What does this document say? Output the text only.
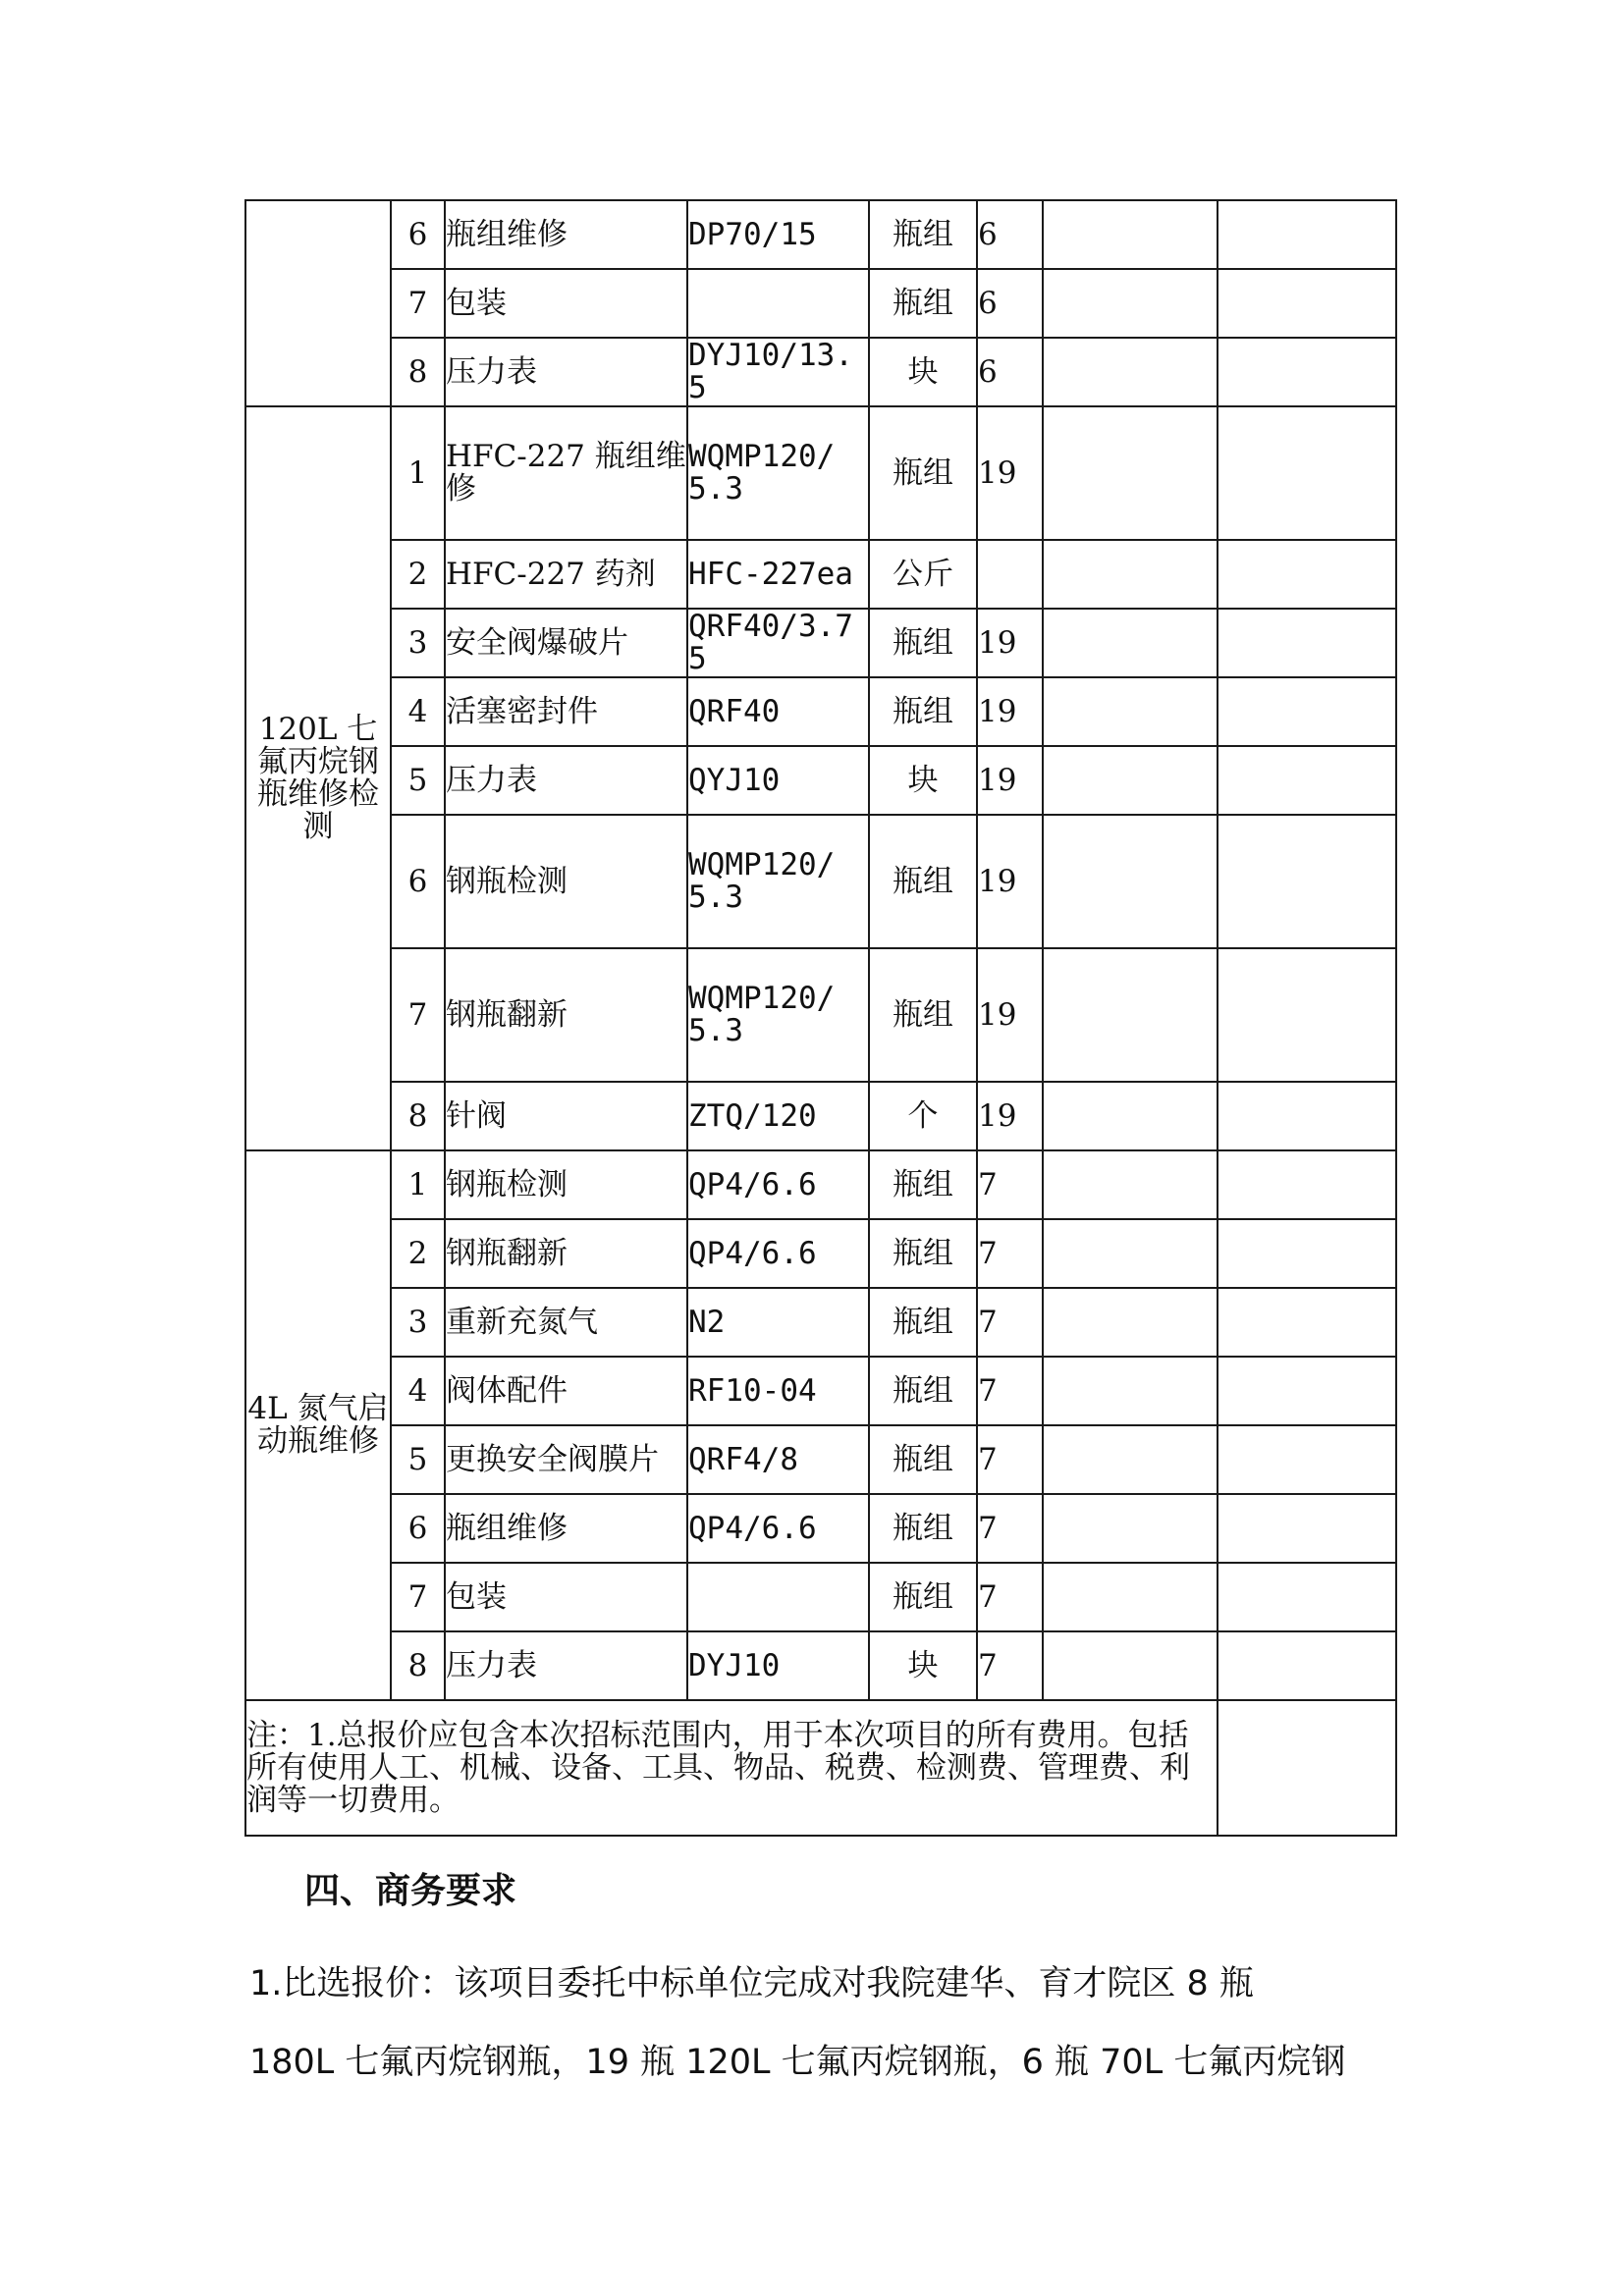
	6	瓶组维修	DP70/15	瓶组	6		
	7	包装		瓶组	6		
	8	压力表	DYJ10/13.5	块	6		
120L 七氟丙烷钢瓶维修检测	1	HFC-227 瓶组维修	WQMP120/5.3	瓶组	19		
	2	HFC-227 药剂	HFC-227ea	公斤			
	3	安全阀爆破片	QRF40/3.75	瓶组	19		
	4	活塞密封件	QRF40	瓶组	19		
	5	压力表	QYJ10	块	19		
	6	钢瓶检测	WQMP120/5.3	瓶组	19		
	7	钢瓶翻新	WQMP120/5.3	瓶组	19		
	8	针阀	ZTQ/120	个	19		
4L 氮气启动瓶维修	1	钢瓶检测	QP4/6.6	瓶组	7		
	2	钢瓶翻新	QP4/6.6	瓶组	7		
	3	重新充氮气	N2	瓶组	7		
	4	阀体配件	RF10-04	瓶组	7		
	5	更换安全阀膜片	QRF4/8	瓶组	7		
	6	瓶组维修	QP4/6.6	瓶组	7		
	7	包装		瓶组	7		
	8	压力表	DYJ10	块	7		
注：1.总报价应包含本次招标范围内，用于本次项目的所有费用。包括所有使用人工、机械、设备、工具、物品、税费、检测费、管理费、利润等一切费用。							
四、商务要求

1.比选报价：该项目委托中标单位完成对我院建华、育才院区 8 瓶

180L 七氟丙烷钢瓶，19 瓶 120L 七氟丙烷钢瓶，6 瓶 70L 七氟丙烷钢
